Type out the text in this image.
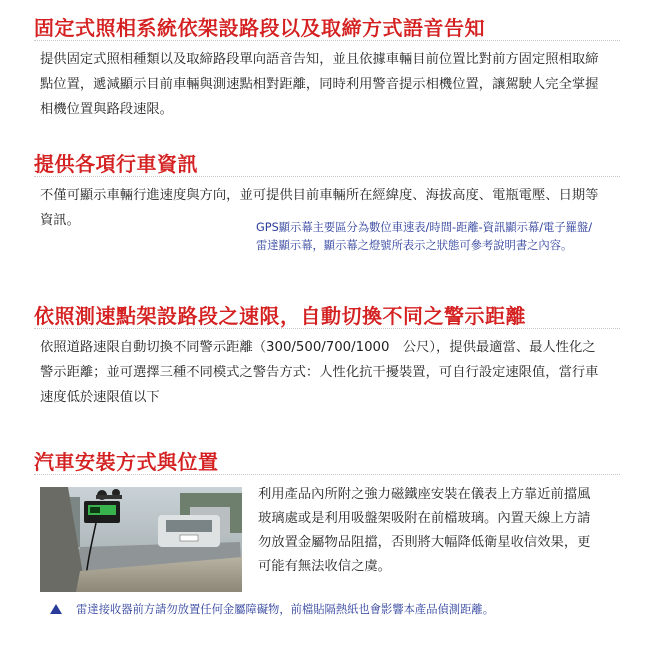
固定式照相系統依架設路段以及取締方式語音告知
提供固定式照相種類以及取締路段單向語音告知，並且依據車輛目前位置比對前方固定照相取締點位置，遞減顯示目前車輛與測速點相對距離，同時利用警音提示相機位置，讓駕駛人完全掌握相機位置與路段速限。
提供各項行車資訊
不僅可顯示車輛行進速度與方向，並可提供目前車輛所在經緯度、海拔高度、電瓶電壓、日期等資訊。	GPS顯示幕主要區分為數位車速表/時間-距離-資訊顯示幕/電子羅盤/雷達顯示幕，顯示幕之燈號所表示之狀態可參考說明書之內容。
依照測速點架設路段之速限，自動切換不同之警示距離
依照道路速限自動切換不同警示距離（300/500/700/1000　公尺），提供最適當、最人性化之警示距離；並可選擇三種不同模式之警告方式：人性化抗干擾裝置，可自行設定速限值，當行車速度低於速限值以下
汽車安裝方式與位置
利用產品內所附之強力磁鐵座安裝在儀表上方靠近前擋風玻璃處或是利用吸盤架吸附在前檔玻璃。內置天線上方請勿放置金屬物品阻擋，否則將大幅降低衛星收信效果，更可能有無法收信之虞。
雷達接收器前方請勿放置任何金屬障礙物，前檔貼隔熱紙也會影響本產品偵測距離。
